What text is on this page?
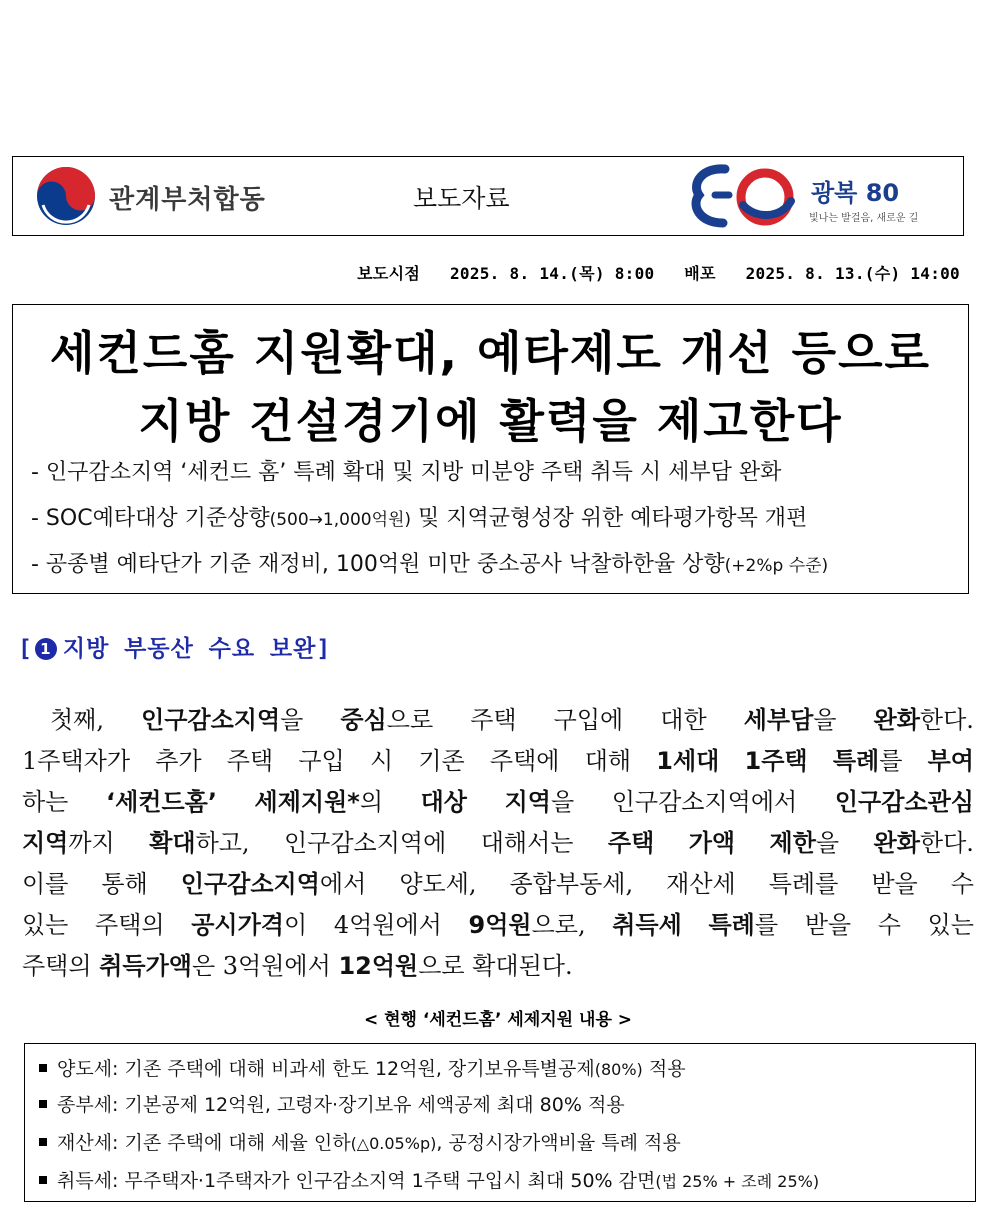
관계부처합동	보도자료	광복 80
빛나는 발걸음, 새로운 길
보도시점 2025. 8. 14.(목) 8:00 배포 2025. 8. 13.(수) 14:00
세컨드홈 지원확대, 예타제도 개선 등으로
지방 건설경기에 활력을 제고한다
- 인구감소지역 ‘세컨드 홈’ 특례 확대 및 지방 미분양 주택 취득 시 세부담 완화
- SOC예타대상 기준상향(500→1,000억원) 및 지역균형성장 위한 예타평가항목 개편
- 공종별 예타단가 기준 재정비, 100억원 미만 중소공사 낙찰하한율 상향(+2%p 수준)
[ 1 지방 부동산 수요 보완]
첫째, 인구감소지역을 중심으로 주택 구입에 대한 세부담을 완화한다.
1주택자가 추가 주택 구입 시 기존 주택에 대해 1세대 1주택 특례를 부여
하는 ‘세컨드홈’ 세제지원*의 대상 지역을 인구감소지역에서 인구감소관심
지역까지 확대하고, 인구감소지역에 대해서는 주택 가액 제한을 완화한다.
이를 통해 인구감소지역에서 양도세, 종합부동세, 재산세 특례를 받을 수
있는 주택의 공시가격이 4억원에서 9억원으로, 취득세 특례를 받을 수 있는
주택의 취득가액은 3억원에서 12억원으로 확대된다.
< 현행 ‘세컨드홈’ 세제지원 내용 >
양도세: 기존 주택에 대해 비과세 한도 12억원, 장기보유특별공제(80%) 적용
종부세: 기본공제 12억원, 고령자·장기보유 세액공제 최대 80% 적용
재산세: 기존 주택에 대해 세율 인하(△0.05%p), 공정시장가액비율 특례 적용
취득세: 무주택자·1주택자가 인구감소지역 1주택 구입시 최대 50% 감면(법 25% + 조례 25%)
